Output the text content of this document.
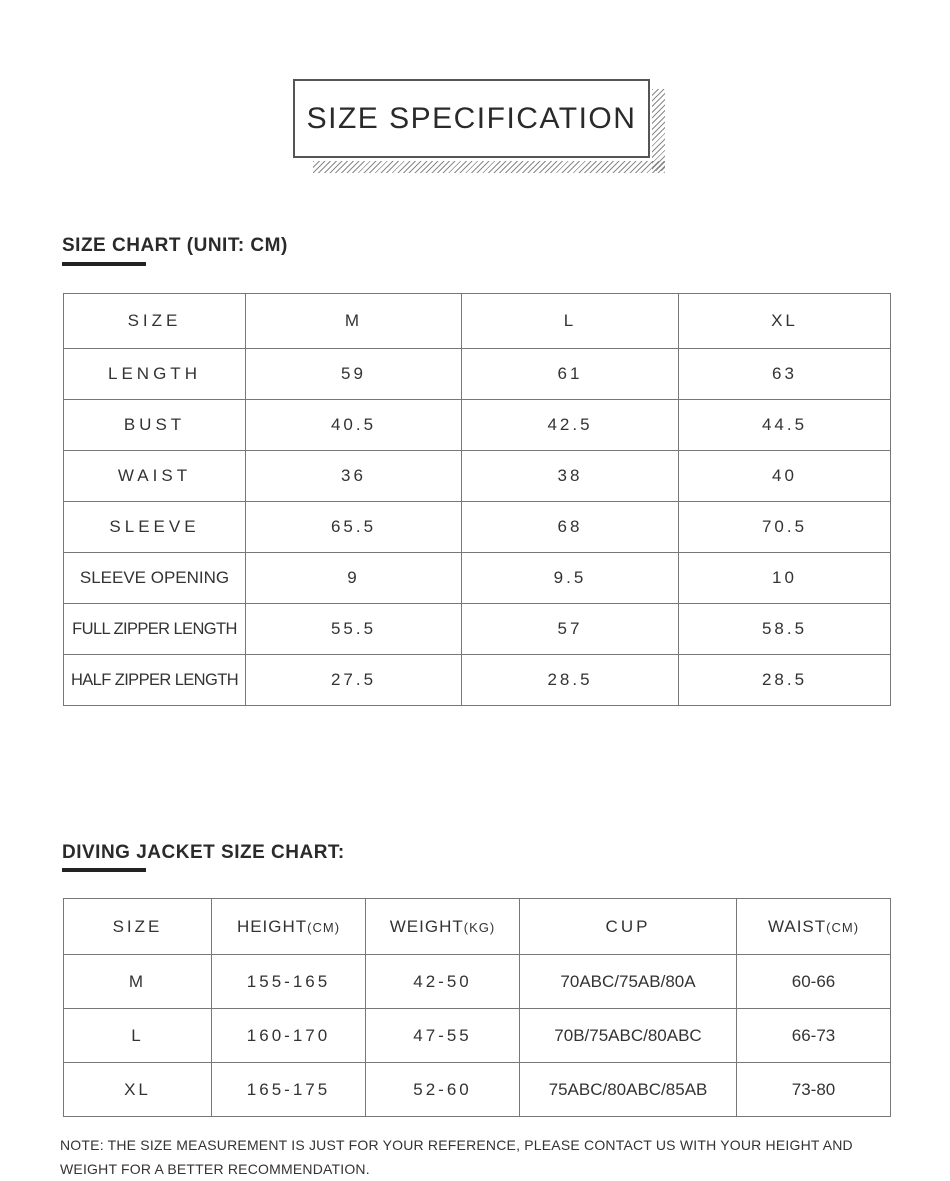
SIZE SPECIFICATION
SIZE CHART (UNIT: CM)
SIZE	M	L	XL
LENGTH	59	61	63
BUST	40.5	42.5	44.5
WAIST	36	38	40
SLEEVE	65.5	68	70.5
SLEEVE OPENING	9	9.5	10
FULL ZIPPER LENGTH	55.5	57	58.5
HALF ZIPPER LENGTH	27.5	28.5	28.5
DIVING JACKET SIZE CHART:
SIZE	HEIGHT(CM)	WEIGHT(KG)	CUP	WAIST(CM)
M	155-165	42-50	70ABC/75AB/80A	60-66
L	160-170	47-55	70B/75ABC/80ABC	66-73
XL	165-175	52-60	75ABC/80ABC/85AB	73-80
NOTE: THE SIZE MEASUREMENT IS JUST FOR YOUR REFERENCE, PLEASE CONTACT US WITH YOUR HEIGHT AND WEIGHT FOR A BETTER RECOMMENDATION.
